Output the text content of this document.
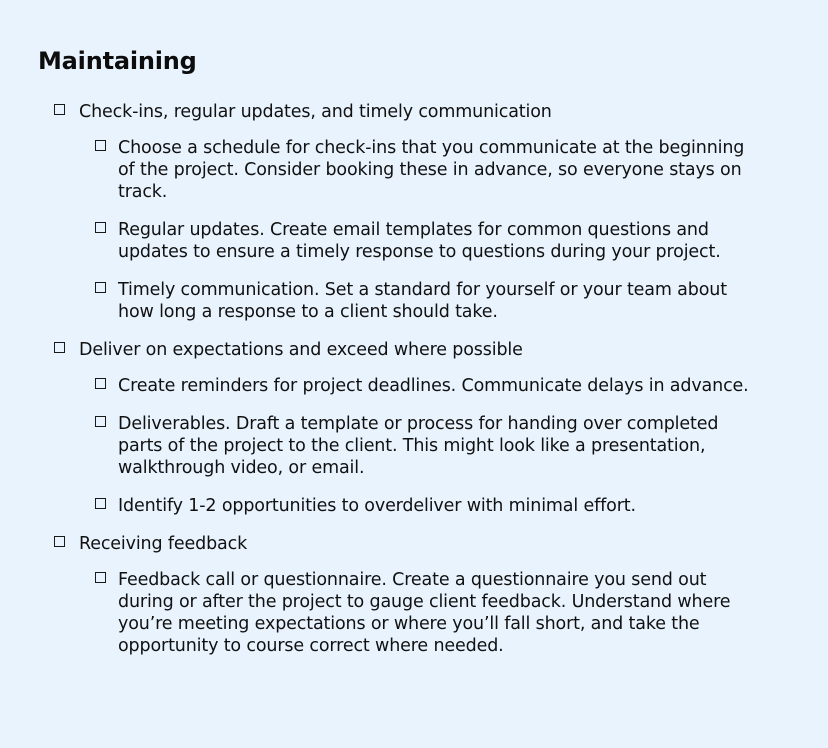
Maintaining
Check-ins, regular updates, and timely communication
Choose a schedule for check-ins that you communicate at the beginning of the project. Consider booking these in advance, so everyone stays on track.
Regular updates. Create email templates for common questions and updates to ensure a timely response to questions during your project.
Timely communication. Set a standard for yourself or your team about how long a response to a client should take.
Deliver on expectations and exceed where possible
Create reminders for project deadlines. Communicate delays in advance.
Deliverables. Draft a template or process for handing over completed parts of the project to the client. This might look like a presentation, walkthrough video, or email.
Identify 1-2 opportunities to overdeliver with minimal effort.
Receiving feedback
Feedback call or questionnaire. Create a questionnaire you send out during or after the project to gauge client feedback. Understand where you’re meeting expectations or where you’ll fall short, and take the opportunity to course correct where needed.
